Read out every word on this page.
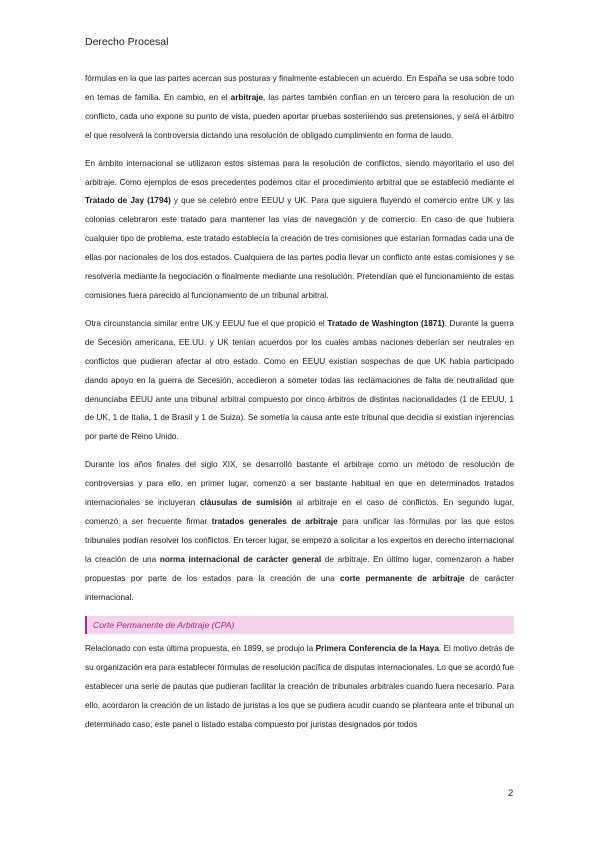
Derecho Procesal

fórmulas en la que las partes acercan sus posturas y finalmente establecen un acuerdo. En España se usa sobre todo en temas de familia. En cambio, en el arbitraje, las partes también confían en un tercero para la resolución de un conflicto, cada uno expone su punto de vista, pueden aportar pruebas sosteniendo sus pretensiones, y será el árbitro el que resolverá la controversia dictando una resolución de obligado cumplimiento en forma de laudo.

En ámbito internacional se utilizaron estos sistemas para la resolución de conflictos, siendo mayoritario el uso del arbitraje. Como ejemplos de esos precedentes podemos citar el procedimiento arbitral que se estableció mediante el Tratado de Jay (1794) y que se celebró entre EEUU y UK. Para que siguiera fluyendo el comercio entre UK y las colonias celebraron este tratado para mantener las vías de navegación y de comercio. En caso de que hubiera cualquier tipo de problema, este tratado establecía la creación de tres comisiones que estarían formadas cada una de ellas por nacionales de los dos estados. Cualquiera de las partes podía llevar un conflicto ante estas comisiones y se resolvería mediante la negociación o finalmente mediante una resolución. Pretendían que el funcionamiento de estas comisiones fuera parecido al funcionamiento de un tribunal arbitral.

Otra circunstancia similar entre UK y EEUU fue el que propició el Tratado de Washington (1871). Durante la guerra de Secesión americana, EE.UU. y UK tenían acuerdos por los cuales ambas naciones deberían ser neutrales en conflictos que pudieran afectar al otro estado. Como en EEUU existían sospechas de que UK había participado dando apoyo en la guerra de Secesión, accedieron a someter todas las reclamaciones de falta de neutralidad que denunciaba EEUU ante una tribunal arbitral compuesto por cinco árbitros de distintas nacionalidades (1 de EEUU, 1 de UK, 1 de Italia, 1 de Brasil y 1 de Suiza). Se sometía la causa ante este tribunal que decidía si existían injerencias por parte de Reino Unido.

Durante los años finales del siglo XIX, se desarrolló bastante el arbitraje como un método de resolución de controversias y para ello, en primer lugar, comenzó a ser bastante habitual en que en determinados tratados internacionales se incluyeran cláusulas de sumisión al arbitraje en el caso de conflictos. En segundo lugar, comenzó a ser frecuente firmar tratados generales de arbitraje para unificar las fórmulas por las que estos tribunales podían resolver los conflictos. En tercer lugar, se empezó a solicitar a los expertos en derecho internacional la creación de una norma internacional de carácter general de arbitraje. En último lugar, comenzaron a haber propuestas por parte de los estados para la creación de una corte permanente de arbitraje de carácter internacional.

Corte Permanente de Arbitraje (CPA)

Relacionado con esta última propuesta, en 1899, se produjo la Primera Conferencia de la Haya. El motivo detrás de su organización era para establecer fórmulas de resolución pacífica de disputas internacionales. Lo que se acordó fue establecer una serie de pautas que pudieran facilitar la creación de tribunales arbitrales cuando fuera necesario. Para ello, acordaron la creación de un listado de juristas a los que se pudiera acudir cuando se planteara ante el tribunal un determinado caso; este panel o listado estaba compuesto por juristas designados por todos

2
